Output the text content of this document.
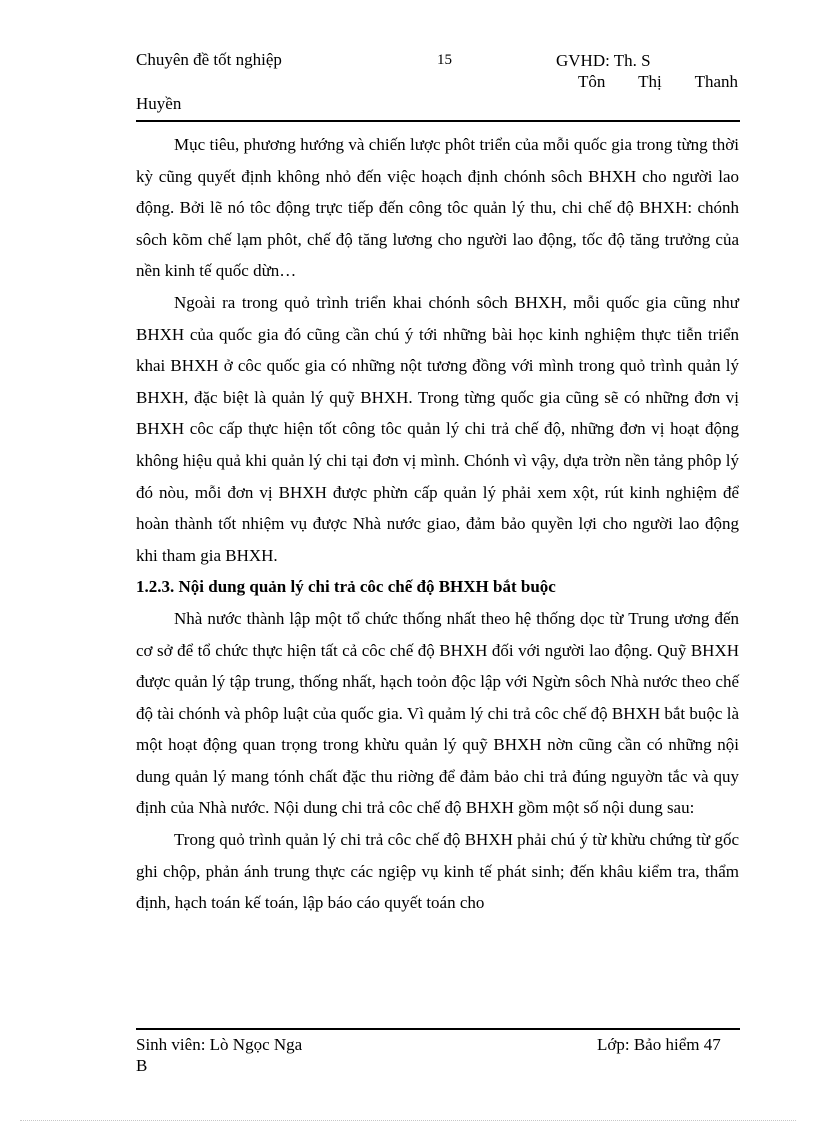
Chuyên đề tốt nghiệp	15	GVHD: Th. S
Tôn Thị Thanh
Huyền

Mục tiêu, phương hướng và chiến lược phôt triển của mỗi quốc gia trong từng thời kỳ cũng quyết định không nhỏ đến việc hoạch định chónh sôch BHXH cho người lao động. Bởi lẽ nó tôc động trực tiếp đến công tôc quản lý thu, chi chế độ BHXH: chónh sôch kõm chế lạm phôt, chế độ tăng lương cho người lao động, tốc độ tăng trưởng của nền kinh tế quốc dừn…

Ngoài ra trong quỏ trình triển khai chónh sôch BHXH, mỗi quốc gia cũng như BHXH của quốc gia đó cũng cần chú ý tới những bài học kinh nghiệm thực tiễn triển khai BHXH ở côc quốc gia có những nột tương đồng với mình trong quỏ trình quản lý BHXH, đặc biệt là quản lý quỹ BHXH. Trong từng quốc gia cũng sẽ có những đơn vị BHXH côc cấp thực hiện tốt công tôc quản lý chi trả chế độ, những đơn vị hoạt động không hiệu quả khi quản lý chi tại đơn vị mình. Chónh vì vậy, dựa trờn nền tảng phôp lý đó nòu, mỗi đơn vị BHXH được phừn cấp quản lý phải xem xột, rút kinh nghiệm để hoàn thành tốt nhiệm vụ được Nhà nước giao, đảm bảo quyền lợi cho người lao động khi tham gia BHXH.

1.2.3. Nội dung quản lý chi trả côc chế độ BHXH bắt buộc

Nhà nước thành lập một tổ chức thống nhất theo hệ thống dọc từ Trung ương đến cơ sở để tổ chức thực hiện tất cả côc chế độ BHXH đối với người lao động. Quỹ BHXH được quản lý tập trung, thống nhất, hạch toỏn độc lập với Ngừn sôch Nhà nước theo chế độ tài chónh và phôp luật của quốc gia. Vì quảm lý chi trả côc chế độ BHXH bắt buộc là một hoạt động quan trọng trong khừu quản lý quỹ BHXH nờn cũng cần có những nội dung quản lý mang tónh chất đặc thu riờng để đảm bảo chi trả đúng nguyờn tắc và quy định của Nhà nước. Nội dung chi trả côc chế độ BHXH gồm một số nội dung sau:

Trong quỏ trình quản lý chi trả côc chế độ BHXH phải chú ý từ khừu chứng từ gốc ghi chộp, phản ánh trung thực các ngiệp vụ kinh tế phát sinh; đến khâu kiểm tra, thẩm định, hạch toán kế toán, lập báo cáo quyết toán cho

Sinh viên: Lò Ngọc Nga	Lớp: Bảo hiểm 47
B
